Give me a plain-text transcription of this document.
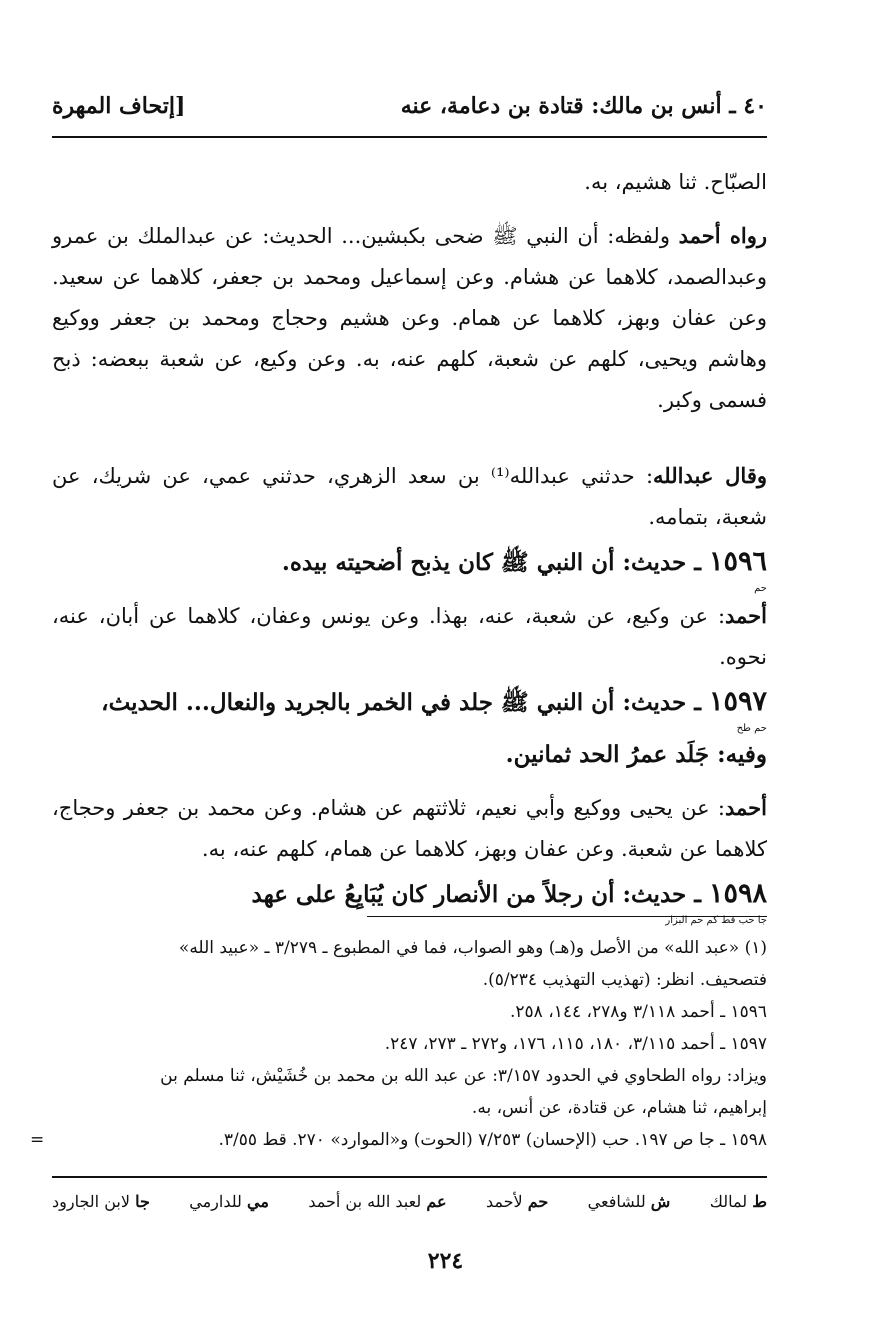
٤٠ ـ أنس بن مالك: قتادة بن دعامة، عنه
[إتحاف المهرة

الصبّاح. ثنا هشيم، به.

رواه أحمد ولفظه: أن النبي ﷺ ضحى بكبشين... الحديث: عن عبدالملك بن عمرو وعبدالصمد، كلاهما عن هشام. وعن إسماعيل ومحمد بن جعفر، كلاهما عن سعيد. وعن عفان وبهز، كلاهما عن همام. وعن هشيم وحجاج ومحمد بن جعفر ووكيع وهاشم ويحيى، كلهم عن شعبة، كلهم عنه، به. وعن وكيع، عن شعبة ببعضه: ذبح فسمى وكبر.

وقال عبدالله: حدثني عبدالله⁽¹⁾ بن سعد الزهري، حدثني عمي، عن شريك، عن شعبة، بتمامه.

١٥٩٦ ـ حديث: أن النبي ﷺ كان يذبح أضحيته بيده.
حم

أحمد: عن وكيع، عن شعبة، عنه، بهذا. وعن يونس وعفان، كلاهما عن أبان، عنه، نحوه.

١٥٩٧ ـ حديث: أن النبي ﷺ جلد في الخمر بالجريد والنعال... الحديث،
حم طح
وفيه: جَلَد عمرُ الحد ثمانين.

أحمد: عن يحيى ووكيع وأبي نعيم، ثلاثتهم عن هشام. وعن محمد بن جعفر وحجاج، كلاهما عن شعبة. وعن عفان وبهز، كلاهما عن همام، كلهم عنه، به.

١٥٩٨ ـ حديث: أن رجلاً من الأنصار كان يُبَايِعُ على عهد
جا حب قط كم حم البزار

(١) «عبد الله» من الأصل و(هـ) وهو الصواب، فما في المطبوع ـ ٣/٢٧٩ ـ «عبيد الله»

فتصحيف. انظر: (تهذيب التهذيب ٥/٢٣٤).

١٥٩٦ ـ أحمد ٣/١١٨ و٢٧٨، ١٤٤، ٢٥٨.

١٥٩٧ ـ أحمد ٣/١١٥، ١٨٠، ١١٥، ١٧٦، و٢٧٢ ـ ٢٧٣، ٢٤٧.

ويزاد: رواه الطحاوي في الحدود ٣/١٥٧: عن عبد الله بن محمد بن خُشَيْش، ثنا مسلم بن

إبراهيم، ثنا هشام، عن قتادة، عن أنس، به.

١٥٩٨ ـ جا ص ١٩٧. حب (الإحسان) ٧/٢٥٣ (الحوت) و«الموارد» ٢٧٠. قط ٣/٥٥.
=

ط لمالك
ش للشافعي
حم لأحمد
عم لعبد الله بن أحمد
مي للدارمي
جا لابن الجارود
٢٢٤
